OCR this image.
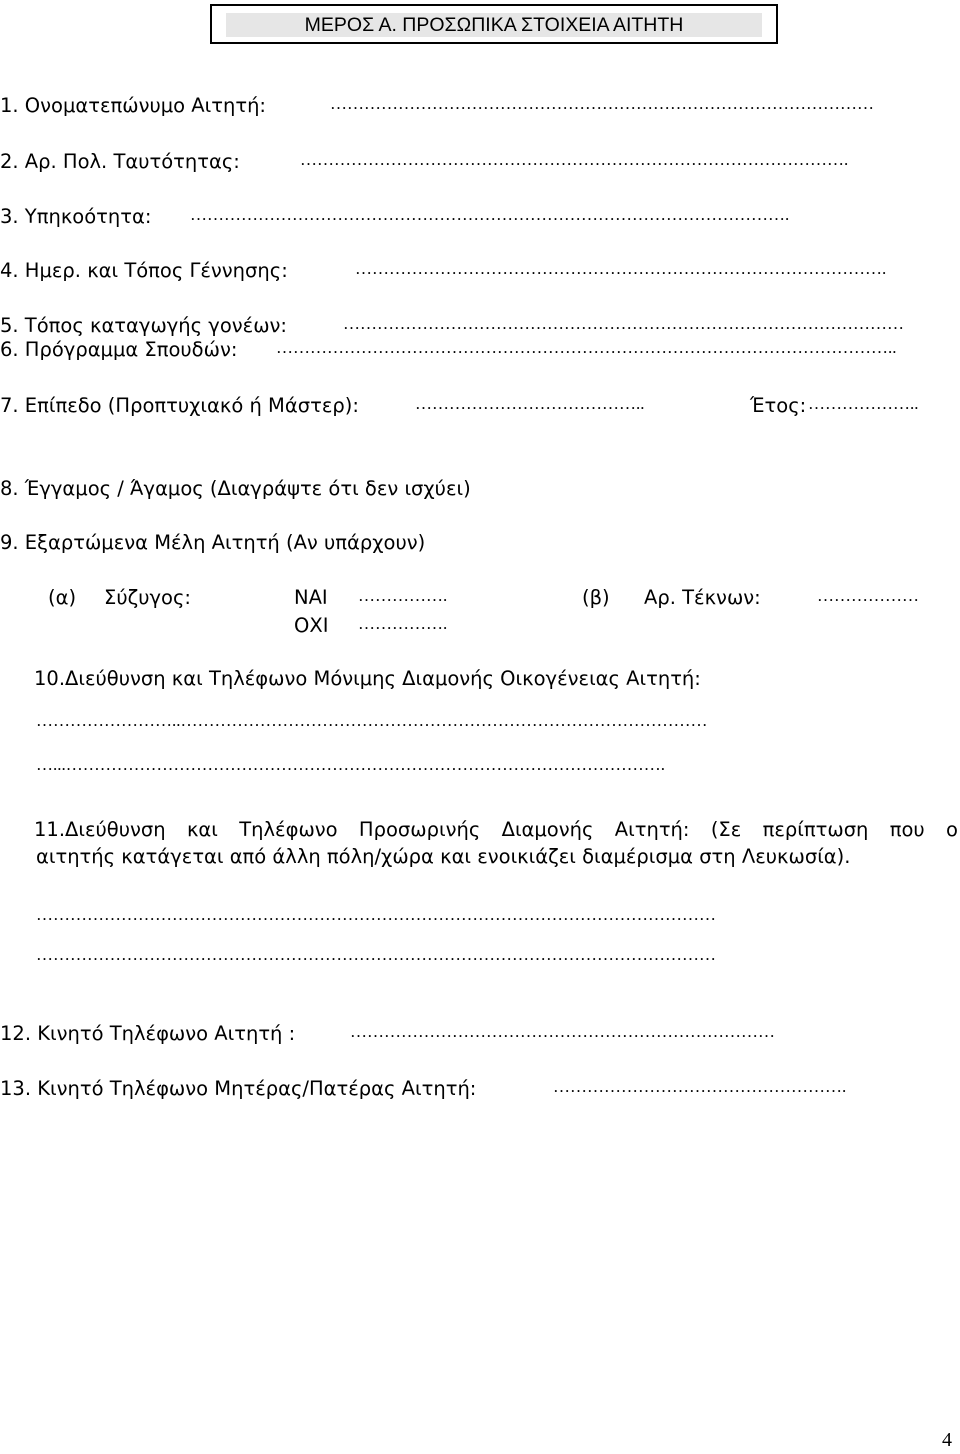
ΜΕΡΟΣ Α. ΠΡΟΣΩΠΙΚΑ ΣΤΟΙΧΕΙΑ ΑΙΤΗΤΗ
1. Ονοματεπώνυμο Αιτητή:	……………………………………………………………………………………
2. Αρ. Πολ. Ταυτότητας:	…………………………………………………………………………………….
3. Υπηκοότητα: …………………………………………………………………………………………….
4. Ημερ. και Τόπος Γέννησης:	………………………………………………………………………………….
5. Τόπος καταγωγής γονέων:	………………………………………………………………………………………
6. Πρόγραμμα Σπουδών: ………………………………………………………………………………………………..
7. Επίπεδο (Προπτυχιακό ή Μάστερ):	…………………………………..	Έτος: ………………..
8. Έγγαμος / Άγαμος (Διαγράψτε ότι δεν ισχύει)
9. Εξαρτώμενα Μέλη Αιτητή (Αν υπάρχουν)
(α) Σύζυγος:	ΝΑΙ …………….
ΟΧΙ …………….
(β) Αρ. Τέκνων:	………………
10.Διεύθυνση και Τηλέφωνο Μόνιμης Διαμονής Οικογένειας Αιτητή:
……………………..…………………………………………………………………………………
…...…………………………………………………………………………………………….
11.Διεύθυνση και Τηλέφωνο Προσωρινής Διαμονής Αιτητή: (Σε περίπτωση που ο
αιτητής κατάγεται από άλλη πόλη/χώρα και ενοικιάζει διαμέρισμα στη Λευκωσία).
…………………………………………………………………………………………………………
…………………………………………………………………………………………………………
12. Κινητό Τηλέφωνο Αιτητή :	…………………………………………………………………
13. Κινητό Τηλέφωνο Μητέρας/Πατέρας Αιτητή:	…………………………………………….
4
